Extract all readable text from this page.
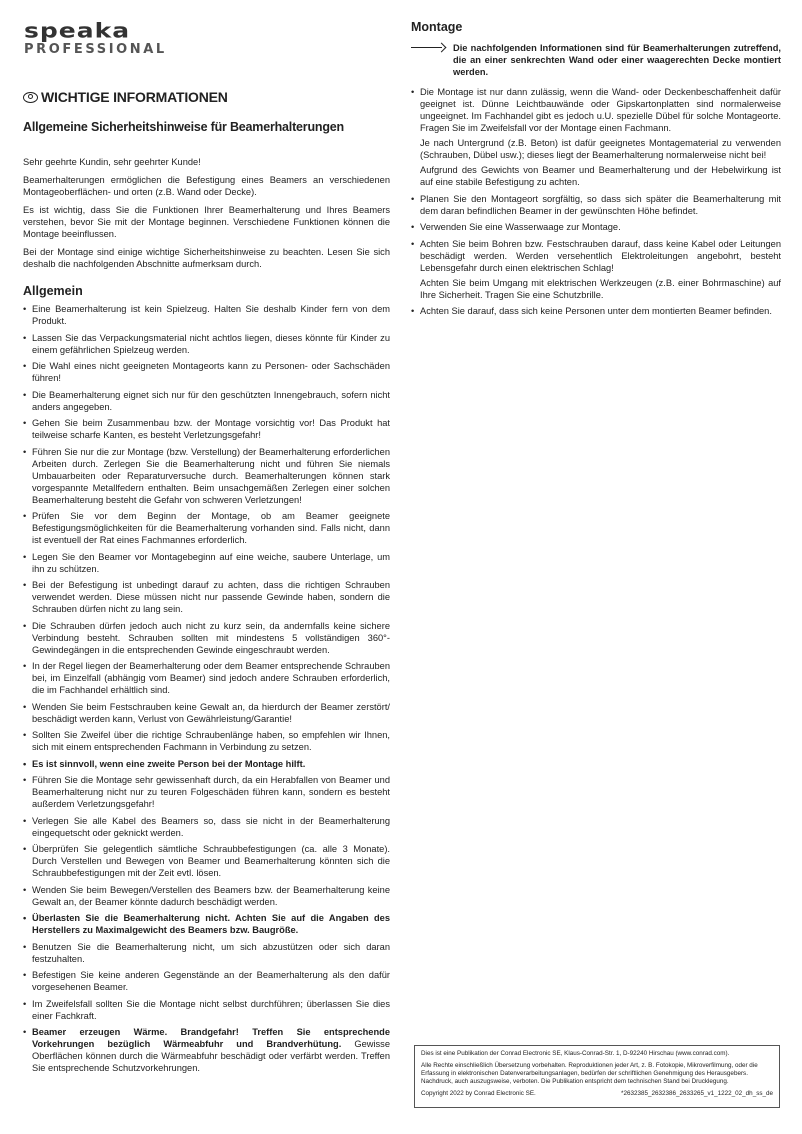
speaka
PROFESSIONAL
WICHTIGE INFORMATIONEN
Allgemeine Sicherheitshinweise für Beamerhalterungen

Sehr geehrte Kundin, sehr geehrter Kunde!

Beamerhalterungen ermöglichen die Befestigung eines Beamers an verschiedenen Montageoberflächen- und orten (z.B. Wand oder Decke).

Es ist wichtig, dass Sie die Funktionen Ihrer Beamerhalterung und Ihres Beamers verstehen, bevor Sie mit der Montage beginnen. Verschiedene Funktionen können die Montage beeinflussen.

Bei der Montage sind einige wichtige Sicherheitshinweise zu beachten. Lesen Sie sich deshalb die nachfolgenden Abschnitte aufmerksam durch.

Allgemein
• Eine Beamerhalterung ist kein Spielzeug. Halten Sie deshalb Kinder fern von dem Produkt.
• Lassen Sie das Verpackungsmaterial nicht achtlos liegen, dieses könnte für Kinder zu einem gefährlichen Spielzeug werden.
• Die Wahl eines nicht geeigneten Montageorts kann zu Personen- oder Sachschäden führen!
• Die Beamerhalterung eignet sich nur für den geschützten Innengebrauch, sofern nicht anders angegeben.
• Gehen Sie beim Zusammenbau bzw. der Montage vorsichtig vor! Das Produkt hat teilweise scharfe Kanten, es besteht Verletzungsgefahr!
• Führen Sie nur die zur Montage (bzw. Verstellung) der Beamerhalterung erforderlichen Arbeiten durch. Zerlegen Sie die Beamerhalterung nicht und führen Sie niemals Umbauarbeiten oder Reparaturversuche durch. Beamerhalterungen können stark vorgespannte Metallfedern enthalten. Beim unsachgemäßen Zerlegen einer solchen Beamerhalterung besteht die Gefahr von schweren Verletzungen!
• Prüfen Sie vor dem Beginn der Montage, ob am Beamer geeignete Befestigungsmöglichkeiten für die Beamerhalterung vorhanden sind. Falls nicht, dann ist eventuell der Rat eines Fachmannes erforderlich.
• Legen Sie den Beamer vor Montagebeginn auf eine weiche, saubere Unterlage, um ihn zu schützen.
• Bei der Befestigung ist unbedingt darauf zu achten, dass die richtigen Schrauben verwendet werden. Diese müssen nicht nur passende Gewinde haben, sondern die Schrauben dürfen nicht zu lang sein.
• Die Schrauben dürfen jedoch auch nicht zu kurz sein, da andernfalls keine sichere Verbindung besteht. Schrauben sollten mit mindestens 5 vollständigen 360°-Gewindegängen in die entsprechenden Gewinde eingeschraubt werden.
• In der Regel liegen der Beamerhalterung oder dem Beamer entsprechende Schrauben bei, im Einzelfall (abhängig vom Beamer) sind jedoch andere Schrauben erforderlich, die im Fachhandel erhältlich sind.
• Wenden Sie beim Festschrauben keine Gewalt an, da hierdurch der Beamer zerstört/ beschädigt werden kann, Verlust von Gewährleistung/Garantie!
• Sollten Sie Zweifel über die richtige Schraubenlänge haben, so empfehlen wir Ihnen, sich mit einem entsprechenden Fachmann in Verbindung zu setzen.
• Es ist sinnvoll, wenn eine zweite Person bei der Montage hilft.
• Führen Sie die Montage sehr gewissenhaft durch, da ein Herabfallen von Beamer und Beamerhalterung nicht nur zu teuren Folgeschäden führen kann, sondern es besteht außerdem Verletzungsgefahr!
• Verlegen Sie alle Kabel des Beamers so, dass sie nicht in der Beamerhalterung eingequetscht oder geknickt werden.
• Überprüfen Sie gelegentlich sämtliche Schraubbefestigungen (ca. alle 3 Monate). Durch Verstellen und Bewegen von Beamer und Beamerhalterung könnten sich die Schraubbefestigungen mit der Zeit evtl. lösen.
• Wenden Sie beim Bewegen/Verstellen des Beamers bzw. der Beamerhalterung keine Gewalt an, der Beamer könnte dadurch beschädigt werden.
• Überlasten Sie die Beamerhalterung nicht. Achten Sie auf die Angaben des Herstellers zu Maximalgewicht des Beamers bzw. Baugröße.
• Benutzen Sie die Beamerhalterung nicht, um sich abzustützen oder sich daran festzuhalten.
• Befestigen Sie keine anderen Gegenstände an der Beamerhalterung als den dafür vorgesehenen Beamer.
• Im Zweifelsfall sollten Sie die Montage nicht selbst durchführen; überlassen Sie dies einer Fachkraft.
• Beamer erzeugen Wärme. Brandgefahr! Treffen Sie entsprechende Vorkehrungen bezüglich Wärmeabfuhr und Brandverhütung. Gewisse Oberflächen können durch die Wärmeabfuhr beschädigt oder verfärbt werden. Treffen Sie entsprechende Schutzvorkehrungen.
Montage
Die nachfolgenden Informationen sind für Beamerhalterungen zutreffend, die an einer senkrechten Wand oder einer waagerechten Decke montiert werden.
• Die Montage ist nur dann zulässig, wenn die Wand- oder Deckenbeschaffenheit dafür geeignet ist. Dünne Leichtbauwände oder Gipskartonplatten sind normalerweise ungeeignet. Im Fachhandel gibt es jedoch u.U. spezielle Dübel für solche Montageorte. Fragen Sie im Zweifelsfall vor der Montage einen Fachmann.
Je nach Untergrund (z.B. Beton) ist dafür geeignetes Montagematerial zu verwenden (Schrauben, Dübel usw.); dieses liegt der Beamerhalterung normalerweise nicht bei!
Aufgrund des Gewichts von Beamer und Beamerhalterung und der Hebelwirkung ist auf eine stabile Befestigung zu achten.
• Planen Sie den Montageort sorgfältig, so dass sich später die Beamerhalterung mit dem daran befindlichen Beamer in der gewünschten Höhe befindet.
• Verwenden Sie eine Wasserwaage zur Montage.
• Achten Sie beim Bohren bzw. Festschrauben darauf, dass keine Kabel oder Leitungen beschädigt werden. Werden versehentlich Elektroleitungen angebohrt, besteht Lebensgefahr durch einen elektrischen Schlag!
Achten Sie beim Umgang mit elektrischen Werkzeugen (z.B. einer Bohrmaschine) auf Ihre Sicherheit. Tragen Sie eine Schutzbrille.
• Achten Sie darauf, dass sich keine Personen unter dem montierten Beamer befinden.

Dies ist eine Publikation der Conrad Electronic SE, Klaus-Conrad-Str. 1, D-92240 Hirschau (www.conrad.com).

Alle Rechte einschließlich Übersetzung vorbehalten. Reproduktionen jeder Art, z. B. Fotokopie, Mikroverfilmung, oder die Erfassung in elektronischen Datenverarbeitungsanlagen, bedürfen der schriftlichen Genehmigung des Herausgebers. Nachdruck, auch auszugsweise, verboten. Die Publikation entspricht dem technischen Stand bei Drucklegung.

Copyright 2022 by Conrad Electronic SE.	*2632385_2632386_2633265_v1_1222_02_dh_ss_de
